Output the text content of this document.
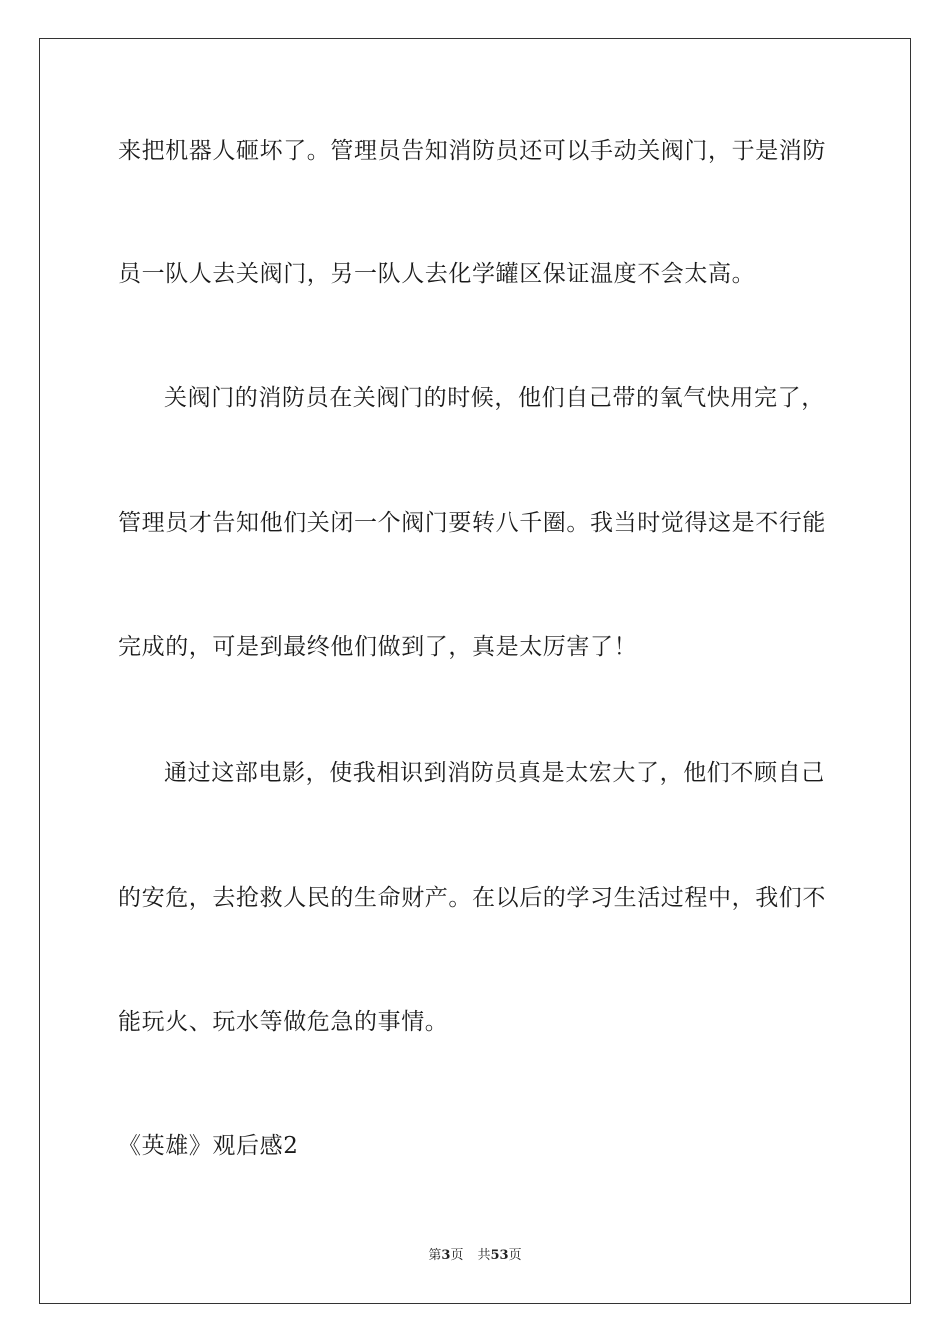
来把机器人砸坏了。管理员告知消防员还可以手动关阀门，于是消防
员一队人去关阀门，另一队人去化学罐区保证温度不会太高。
关阀门的消防员在关阀门的时候，他们自己带的氧气快用完了，
管理员才告知他们关闭一个阀门要转八千圈。我当时觉得这是不行能
完成的，可是到最终他们做到了，真是太厉害了！
通过这部电影，使我相识到消防员真是太宏大了，他们不顾自己
的安危，去抢救人民的生命财产。在以后的学习生活过程中，我们不
能玩火、玩水等做危急的事情。
《英雄》观后感2
第3页 共53页
